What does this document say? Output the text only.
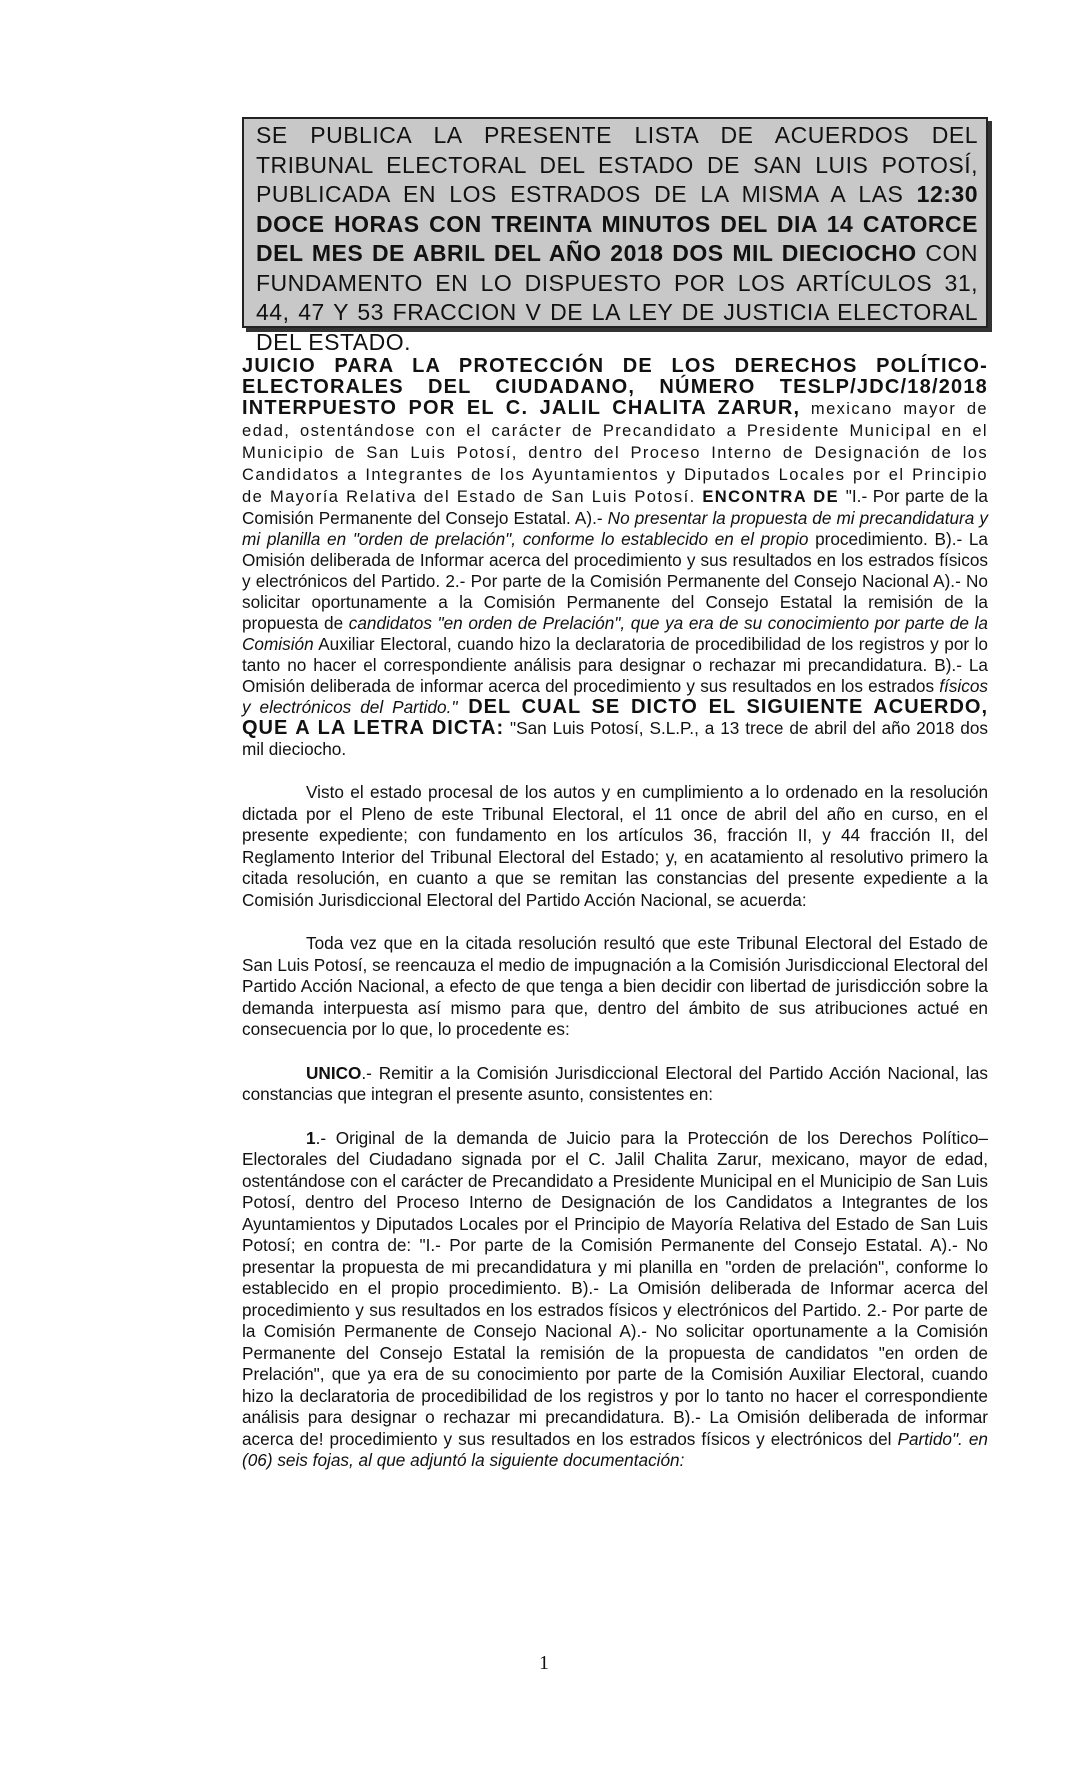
SE PUBLICA LA PRESENTE LISTA DE ACUERDOS DEL TRIBUNAL ELECTORAL DEL ESTADO DE SAN LUIS POTOSÍ, PUBLICADA EN LOS ESTRADOS DE LA MISMA A LAS 12:30 DOCE HORAS CON TREINTA MINUTOS DEL DIA 14 CATORCE DEL MES DE ABRIL DEL AÑO 2018 DOS MIL DIECIOCHO CON FUNDAMENTO EN LO DISPUESTO POR LOS ARTÍCULOS 31, 44, 47 Y 53 FRACCION V DE LA LEY DE JUSTICIA ELECTORAL DEL ESTADO.

JUICIO PARA LA PROTECCIÓN DE LOS DERECHOS POLÍTICO-ELECTORALES DEL CIUDADANO, NÚMERO TESLP/JDC/18/2018 INTERPUESTO POR EL C. JALIL CHALITA ZARUR, mexicano mayor de edad, ostentándose con el carácter de Precandidato a Presidente Municipal en el Municipio de San Luis Potosí, dentro del Proceso Interno de Designación de los Candidatos a Integrantes de los Ayuntamientos y Diputados Locales por el Principio de Mayoría Relativa del Estado de San Luis Potosí. ENCONTRA DE "I.- Por parte de la Comisión Permanente del Consejo Estatal. A).- No presentar la propuesta de mi precandidatura y mi planilla en "orden de prelación", conforme lo establecido en el propio procedimiento. B).- La Omisión deliberada de Informar acerca del procedimiento y sus resultados en los estrados físicos y electrónicos del Partido. 2.- Por parte de la Comisión Permanente del Consejo Nacional A).- No solicitar oportunamente a la Comisión Permanente del Consejo Estatal la remisión de la propuesta de candidatos "en orden de Prelación", que ya era de su conocimiento por parte de la Comisión Auxiliar Electoral, cuando hizo la declaratoria de procedibilidad de los registros y por lo tanto no hacer el correspondiente análisis para designar o rechazar mi precandidatura. B).- La Omisión deliberada de informar acerca del procedimiento y sus resultados en los estrados físicos y electrónicos del Partido." DEL CUAL SE DICTO EL SIGUIENTE ACUERDO, QUE A LA LETRA DICTA: "San Luis Potosí, S.L.P., a 13 trece de abril del año 2018 dos mil dieciocho.

Visto el estado procesal de los autos y en cumplimiento a lo ordenado en la resolución dictada por el Pleno de este Tribunal Electoral, el 11 once de abril del año en curso, en el presente expediente; con fundamento en los artículos 36, fracción II, y 44 fracción II, del Reglamento Interior del Tribunal Electoral del Estado; y, en acatamiento al resolutivo primero la citada resolución, en cuanto a que se remitan las constancias del presente expediente a la Comisión Jurisdiccional Electoral del Partido Acción Nacional, se acuerda:

Toda vez que en la citada resolución resultó que este Tribunal Electoral del Estado de San Luis Potosí, se reencauza el medio de impugnación a la Comisión Jurisdiccional Electoral del Partido Acción Nacional, a efecto de que tenga a bien decidir con libertad de jurisdicción sobre la demanda interpuesta así mismo para que, dentro del ámbito de sus atribuciones actué en consecuencia por lo que, lo procedente es:

UNICO.- Remitir a la Comisión Jurisdiccional Electoral del Partido Acción Nacional, las constancias que integran el presente asunto, consistentes en:

1.- Original de la demanda de Juicio para la Protección de los Derechos Político–Electorales del Ciudadano signada por el C. Jalil Chalita Zarur, mexicano, mayor de edad, ostentándose con el carácter de Precandidato a Presidente Municipal en el Municipio de San Luis Potosí, dentro del Proceso Interno de Designación de los Candidatos a Integrantes de los Ayuntamientos y Diputados Locales por el Principio de Mayoría Relativa del Estado de San Luis Potosí; en contra de: "I.- Por parte de la Comisión Permanente del Consejo Estatal. A).- No presentar la propuesta de mi precandidatura y mi planilla en "orden de prelación", conforme lo establecido en el propio procedimiento. B).- La Omisión deliberada de Informar acerca del procedimiento y sus resultados en los estrados físicos y electrónicos del Partido. 2.- Por parte de la Comisión Permanente de Consejo Nacional A).- No solicitar oportunamente a la Comisión Permanente del Consejo Estatal la remisión de la propuesta de candidatos "en orden de Prelación", que ya era de su conocimiento por parte de la Comisión Auxiliar Electoral, cuando hizo la declaratoria de procedibilidad de los registros y por lo tanto no hacer el correspondiente análisis para designar o rechazar mi precandidatura. B).- La Omisión deliberada de informar acerca de! procedimiento y sus resultados en los estrados físicos y electrónicos del Partido". en (06) seis fojas, al que adjuntó la siguiente documentación:

1
